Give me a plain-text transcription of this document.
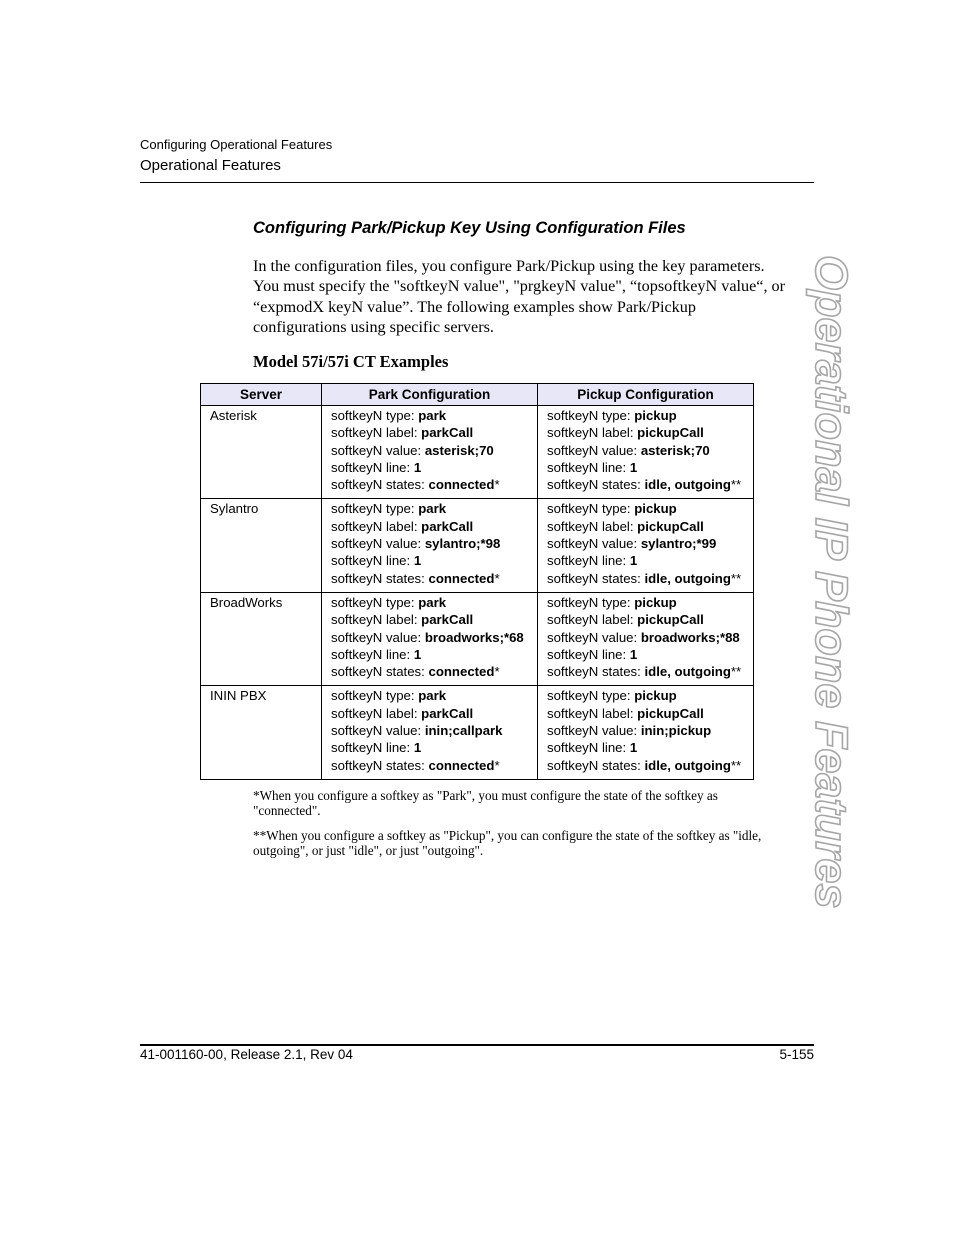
Configuring Operational Features
Operational Features
Operational IP Phone Features
Configuring Park/Pickup Key Using Configuration Files
In the configuration files, you configure Park/Pickup using the key parameters.
You must specify the "softkeyN value", "prgkeyN value", “topsoftkeyN value“, or
“expmodX keyN value”. The following examples show Park/Pickup
configurations using specific servers.
Model 57i/57i CT Examples
Server	Park Configuration	Pickup Configuration
Asterisk	softkeyN type: park
softkeyN label: parkCall
softkeyN value: asterisk;70
softkeyN line: 1
softkeyN states: connected*	softkeyN type: pickup
softkeyN label: pickupCall
softkeyN value: asterisk;70
softkeyN line: 1
softkeyN states: idle, outgoing**

Sylantro	softkeyN type: park
softkeyN label: parkCall
softkeyN value: sylantro;*98
softkeyN line: 1
softkeyN states: connected*	softkeyN type: pickup
softkeyN label: pickupCall
softkeyN value: sylantro;*99
softkeyN line: 1
softkeyN states: idle, outgoing**

BroadWorks	softkeyN type: park
softkeyN label: parkCall
softkeyN value: broadworks;*68
softkeyN line: 1
softkeyN states: connected*	softkeyN type: pickup
softkeyN label: pickupCall
softkeyN value: broadworks;*88
softkeyN line: 1
softkeyN states: idle, outgoing**

ININ PBX	softkeyN type: park
softkeyN label: parkCall
softkeyN value: inin;callpark
softkeyN line: 1
softkeyN states: connected*	softkeyN type: pickup
softkeyN label: pickupCall
softkeyN value: inin;pickup
softkeyN line: 1
softkeyN states: idle, outgoing**
*When you configure a softkey as "Park", you must configure the state of the softkey as
"connected".
**When you configure a softkey as "Pickup", you can configure the state of the softkey as "idle,
outgoing", or just "idle", or just "outgoing".
41-001160-00, Release 2.1, Rev 04	5-155
